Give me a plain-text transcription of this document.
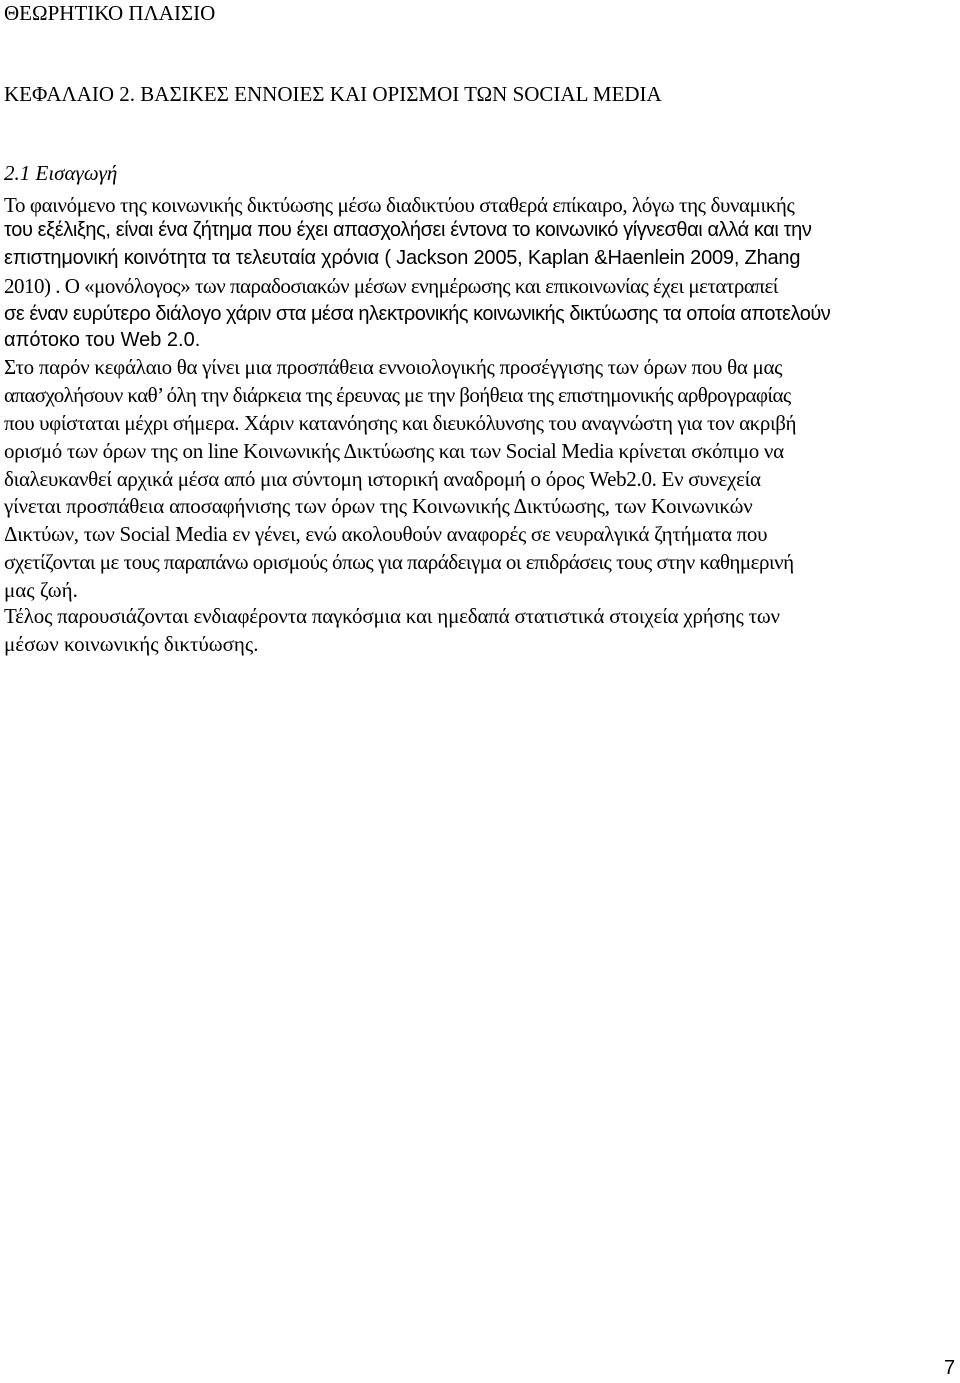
ΘΕΩΡΗΤΙΚΟ ΠΛΑΙΣΙΟ
ΚΕΦΑΛΑΙΟ 2. ΒΑΣΙΚΕΣ ΕΝΝΟΙΕΣ ΚΑΙ ΟΡΙΣΜΟΙ ΤΩΝ SOCIAL MEDIA
2.1 Εισαγωγή
Το φαινόμενο της κοινωνικής δικτύωσης μέσω διαδικτύου σταθερά επίκαιρο, λόγω της δυναμικής
του εξέλιξης, είναι ένα ζήτημα που έχει απασχολήσει έντονα το κοινωνικό γίγνεσθαι αλλά και την
επιστημονική κοινότητα τα τελευταία χρόνια ( Jackson 2005, Kaplan &Haenlein 2009, Zhang
2010) . Ο «μονόλογος» των παραδοσιακών μέσων ενημέρωσης και επικοινωνίας έχει μετατραπεί
σε έναν ευρύτερο διάλογο χάριν στα μέσα ηλεκτρονικής κοινωνικής δικτύωσης τα οποία αποτελούν
απότοκο του Web 2.0.
Στο παρόν κεφάλαιο θα γίνει μια προσπάθεια εννοιολογικής προσέγγισης των όρων που θα μας
απασχολήσουν καθ’ όλη την διάρκεια της έρευνας με την βοήθεια της επιστημονικής αρθρογραφίας
που υφίσταται μέχρι σήμερα. Χάριν κατανόησης και διευκόλυνσης του αναγνώστη για τον ακριβή
ορισμό των όρων της on line Κοινωνικής Δικτύωσης και των Social Media κρίνεται σκόπιμο να
διαλευκανθεί αρχικά μέσα από μια σύντομη ιστορική αναδρομή ο όρος Web2.0. Εν συνεχεία
γίνεται προσπάθεια αποσαφήνισης των όρων της Κοινωνικής Δικτύωσης, των Κοινωνικών
Δικτύων, των Social Media εν γένει, ενώ ακολουθούν αναφορές σε νευραλγικά ζητήματα που
σχετίζονται με τους παραπάνω ορισμούς όπως για παράδειγμα οι επιδράσεις τους στην καθημερινή
μας ζωή.
Τέλος παρουσιάζονται ενδιαφέροντα παγκόσμια και ημεδαπά στατιστικά στοιχεία χρήσης των
μέσων κοινωνικής δικτύωσης.
7
